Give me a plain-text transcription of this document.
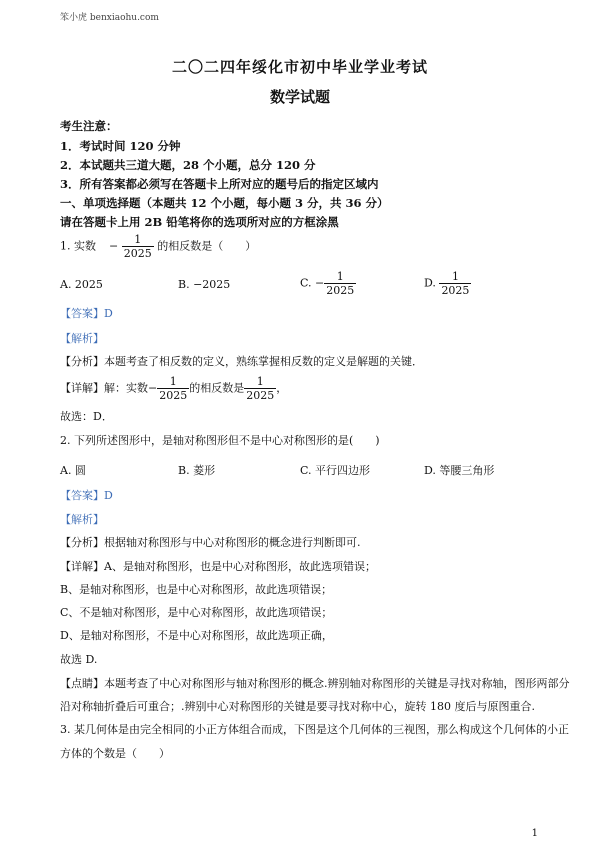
笨小虎 benxiaohu.com
二〇二四年绥化市初中毕业学业考试
数学试题
考生注意：
1．考试时间 120 分钟
2．本试题共三道大题，28 个小题，总分 120 分
3．所有答案都必须写在答题卡上所对应的题号后的指定区域内
一、单项选择题（本题共 12 个小题，每小题 3 分，共 36 分）
请在答题卡上用 2B 铅笔将你的选项所对应的方框涂黑
1. 实数 − $\frac{1}{2025}$ 的相反数是（　　）
A. 2025	B. −2025	C. − $\frac{1}{2025}$	D. $\frac{1}{2025}$
【答案】D
【解析】
【分析】本题考查了相反数的定义，熟练掌握相反数的定义是解题的关键．
【详解】解：实数− $\frac{1}{2025}$ 的相反数是 $\frac{1}{2025}$ ，
故选：D．
2. 下列所述图形中，是轴对称图形但不是中心对称图形的是(　　)
A. 圆	B. 菱形	C. 平行四边形	D. 等腰三角形
【答案】D
【解析】
【分析】根据轴对称图形与中心对称图形的概念进行判断即可.
【详解】A、是轴对称图形，也是中心对称图形，故此选项错误；
B、是轴对称图形，也是中心对称图形，故此选项错误；
C、不是轴对称图形，是中心对称图形，故此选项错误；
D、是轴对称图形，不是中心对称图形，故此选项正确，
故选 D.
【点睛】本题考查了中心对称图形与轴对称图形的概念.辨别轴对称图形的关键是寻找对称轴，图形两部分
沿对称轴折叠后可重合；.辨别中心对称图形的关键是要寻找对称中心，旋转 180 度后与原图重合.
3. 某几何体是由完全相同的小正方体组合而成，下图是这个几何体的三视图，那么构成这个几何体的小正
方体的个数是（　　）
1
